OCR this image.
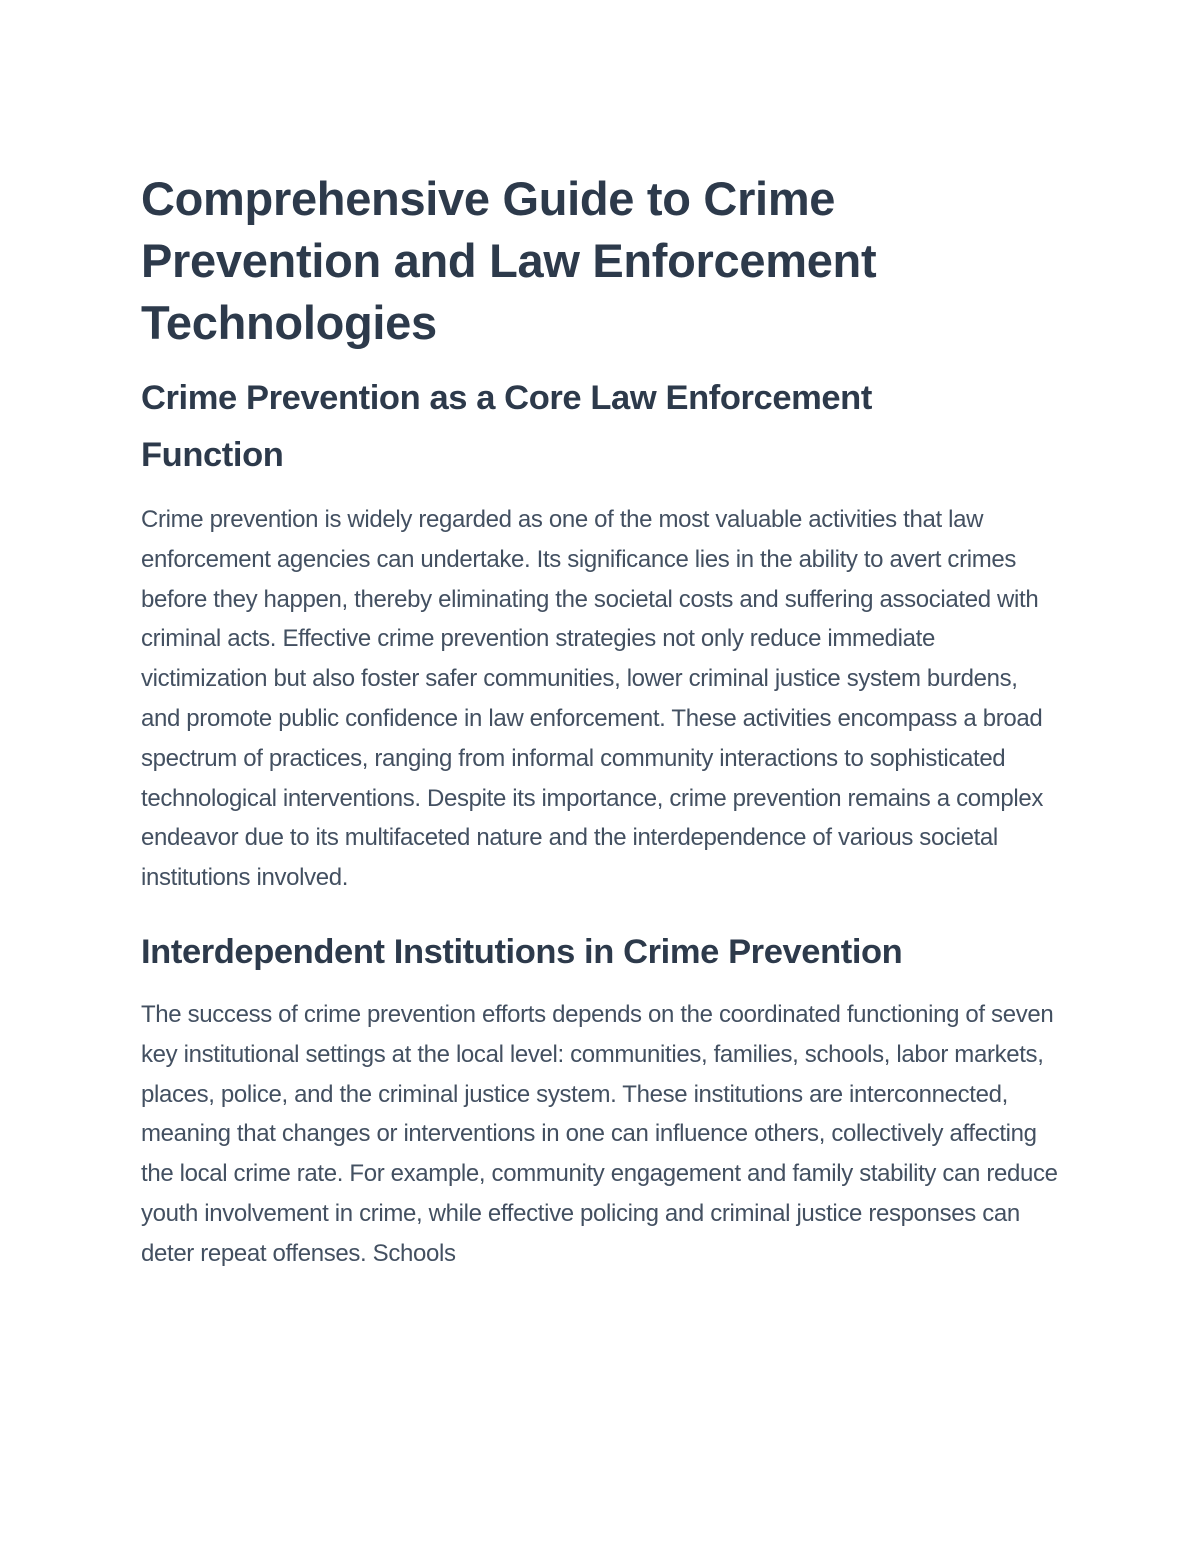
Comprehensive Guide to Crime Prevention and Law Enforcement Technologies
Crime Prevention as a Core Law Enforcement Function

Crime prevention is widely regarded as one of the most valuable activities that law enforcement agencies can undertake. Its significance lies in the ability to avert crimes before they happen, thereby eliminating the societal costs and suffering associated with criminal acts. Effective crime prevention strategies not only reduce immediate victimization but also foster safer communities, lower criminal justice system burdens, and promote public confidence in law enforcement. These activities encompass a broad spectrum of practices, ranging from informal community interactions to sophisticated technological interventions. Despite its importance, crime prevention remains a complex endeavor due to its multifaceted nature and the interdependence of various societal institutions involved.

Interdependent Institutions in Crime Prevention

The success of crime prevention efforts depends on the coordinated functioning of seven key institutional settings at the local level: communities, families, schools, labor markets, places, police, and the criminal justice system. These institutions are interconnected, meaning that changes or interventions in one can influence others, collectively affecting the local crime rate. For example, community engagement and family stability can reduce youth involvement in crime, while effective policing and criminal justice responses can deter repeat offenses. Schools
